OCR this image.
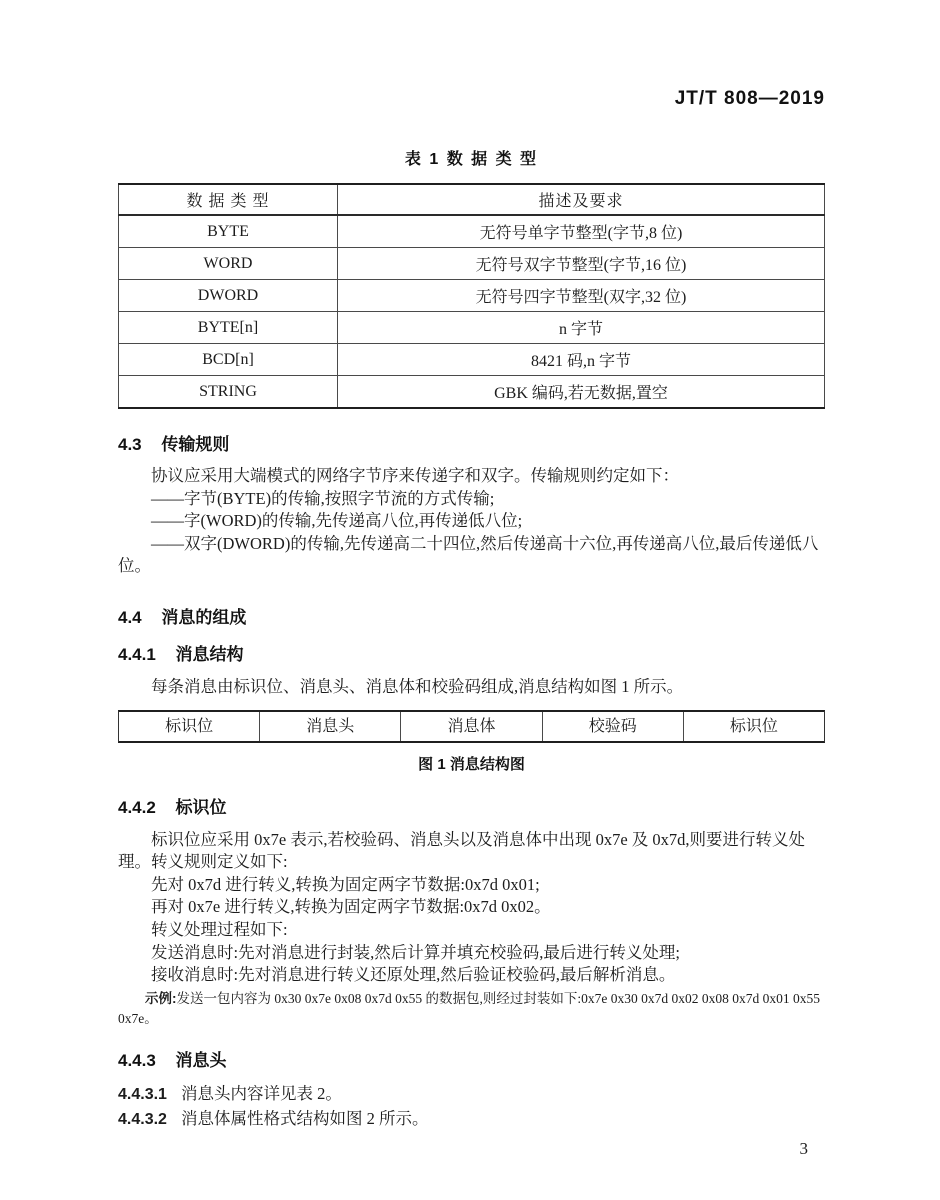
JT/T 808—2019
表 1 数 据 类 型
数 据 类 型	描述及要求
BYTE	无符号单字节整型(字节,8 位)
WORD	无符号双字节整型(字节,16 位)
DWORD	无符号四字节整型(双字,32 位)
BYTE[n]	n 字节
BCD[n]	8421 码,n 字节
STRING	GBK 编码,若无数据,置空
4.3 传输规则

协议应采用大端模式的网络字节序来传递字和双字。传输规则约定如下：

——字节(BYTE)的传输,按照字节流的方式传输;

——字(WORD)的传输,先传递高八位,再传递低八位;

——双字(DWORD)的传输,先传递高二十四位,然后传递高十六位,再传递高八位,最后传递低八位。

4.4 消息的组成
4.4.1 消息结构

每条消息由标识位、消息头、消息体和校验码组成,消息结构如图 1 所示。

标识位	消息头	消息体	校验码	标识位
图 1 消息结构图
4.4.2 标识位

标识位应采用 0x7e 表示,若校验码、消息头以及消息体中出现 0x7e 及 0x7d,则要进行转义处理。转义规则定义如下:

先对 0x7d 进行转义,转换为固定两字节数据:0x7d 0x01;

再对 0x7e 进行转义,转换为固定两字节数据:0x7d 0x02。

转义处理过程如下:

发送消息时:先对消息进行封装,然后计算并填充校验码,最后进行转义处理;

接收消息时:先对消息进行转义还原处理,然后验证校验码,最后解析消息。

示例:发送一包内容为 0x30 0x7e 0x08 0x7d 0x55 的数据包,则经过封装如下:0x7e 0x30 0x7d 0x02 0x08 0x7d 0x01 0x55 0x7e。
4.4.3 消息头

4.4.3.1 消息头内容详见表 2。

4.4.3.2 消息体属性格式结构如图 2 所示。

3
